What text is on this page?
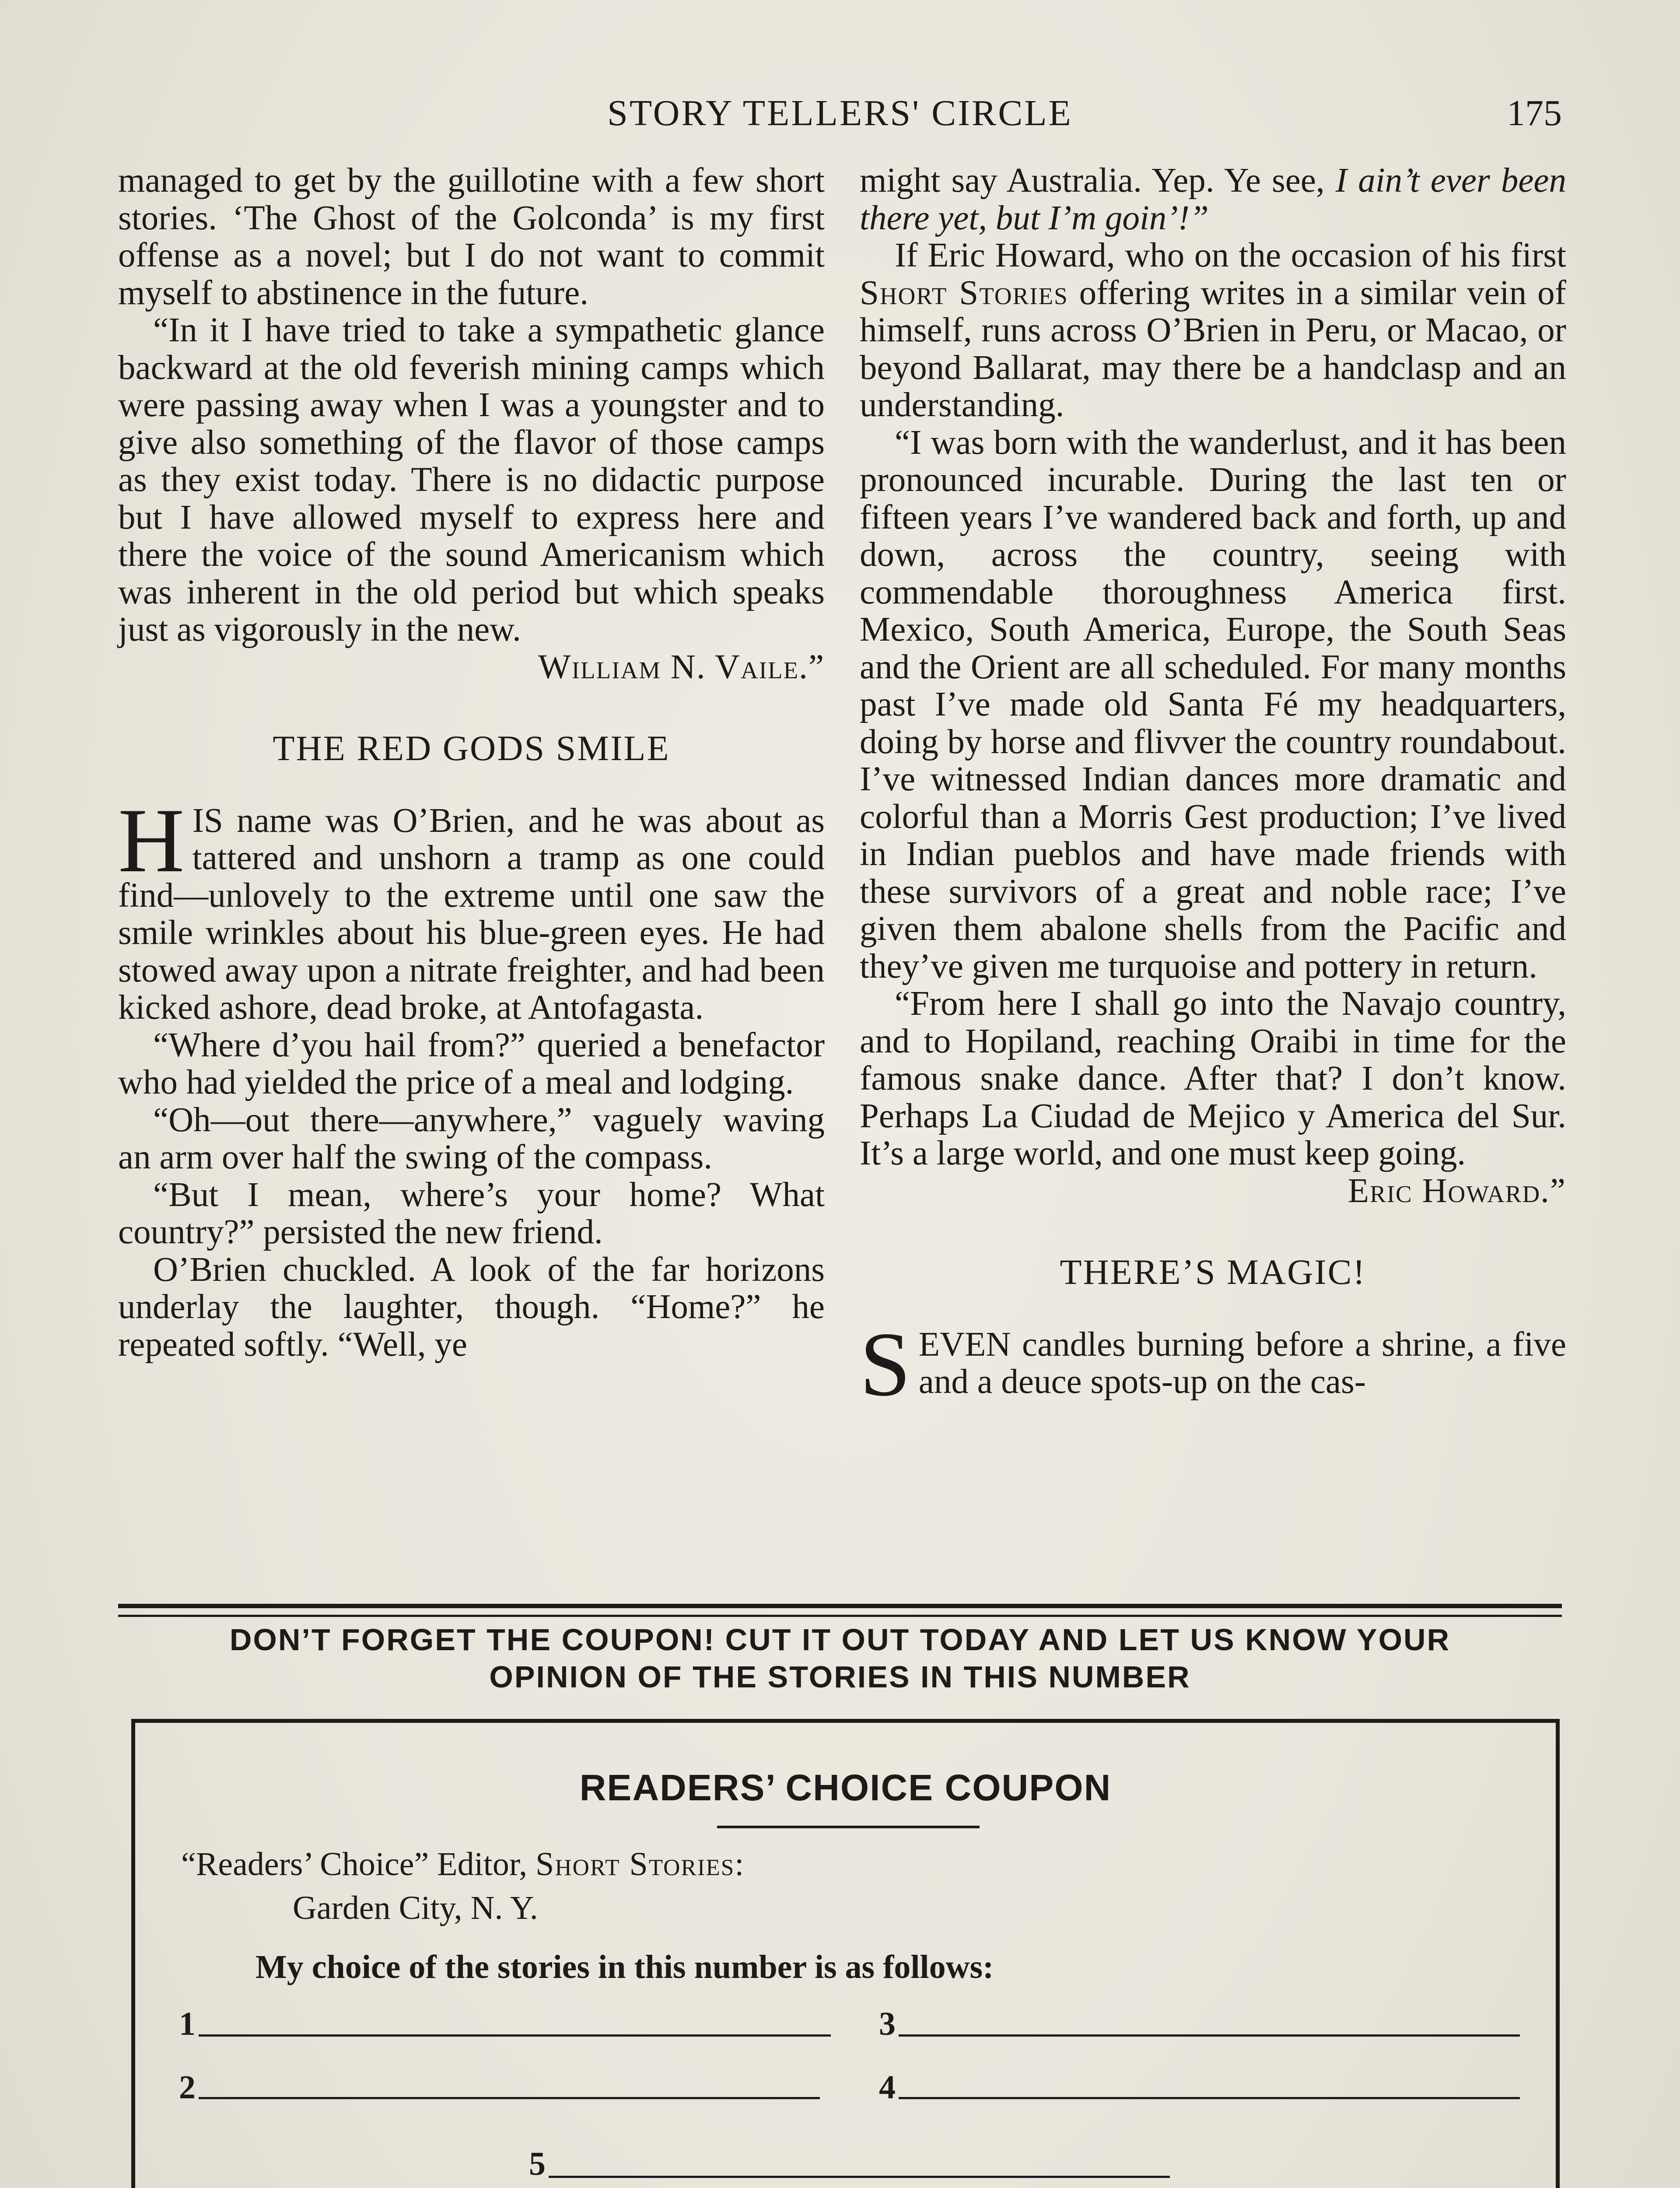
STORY TELLERS' CIRCLE	175

managed to get by the guillotine with a few short stories. ‘The Ghost of the Golconda’ is my first offense as a novel; but I do not want to commit myself to abstinence in the future.

“In it I have tried to take a sympathetic glance backward at the old feverish mining camps which were passing away when I was a youngster and to give also something of the flavor of those camps as they exist today. There is no didactic purpose but I have allowed myself to express here and there the voice of the sound Americanism which was inherent in the old period but which speaks just as vigorously in the new.

William N. Vaile.”

THE RED GODS SMILE

HIS name was O’Brien, and he was about as tattered and unshorn a tramp as one could find—unlovely to the extreme until one saw the smile wrinkles about his blue-green eyes. He had stowed away upon a nitrate freighter, and had been kicked ashore, dead broke, at Antofagasta.

“Where d’you hail from?” queried a benefactor who had yielded the price of a meal and lodging.

“Oh—out there—anywhere,” vaguely waving an arm over half the swing of the compass.

“But I mean, where’s your home? What country?” persisted the new friend.

O’Brien chuckled. A look of the far horizons underlay the laughter, though. “Home?” he repeated softly. “Well, ye

might say Australia. Yep. Ye see, I ain’t ever been there yet, but I’m goin’!”

If Eric Howard, who on the occasion of his first Short Stories offering writes in a similar vein of himself, runs across O’Brien in Peru, or Macao, or beyond Ballarat, may there be a handclasp and an understanding.

“I was born with the wanderlust, and it has been pronounced incurable. During the last ten or fifteen years I’ve wandered back and forth, up and down, across the country, seeing with commendable thoroughness America first. Mexico, South America, Europe, the South Seas and the Orient are all scheduled. For many months past I’ve made old Santa Fé my headquarters, doing by horse and flivver the country roundabout. I’ve witnessed Indian dances more dramatic and colorful than a Morris Gest production; I’ve lived in Indian pueblos and have made friends with these survivors of a great and noble race; I’ve given them abalone shells from the Pacific and they’ve given me turquoise and pottery in return.

“From here I shall go into the Navajo country, and to Hopiland, reaching Oraibi in time for the famous snake dance. After that? I don’t know. Perhaps La Ciudad de Mejico y America del Sur. It’s a large world, and one must keep going.

Eric Howard.”

THERE’S MAGIC!

SEVEN candles burning before a shrine, a five and a deuce spots-up on the cas-

DON’T FORGET THE COUPON! CUT IT OUT TODAY AND LET US KNOW YOUR
OPINION OF THE STORIES IN THIS NUMBER
READERS’ CHOICE COUPON
“Readers’ Choice” Editor, Short Stories:
Garden City, N. Y.
My choice of the stories in this number is as follows:
1	3
2	4
5
